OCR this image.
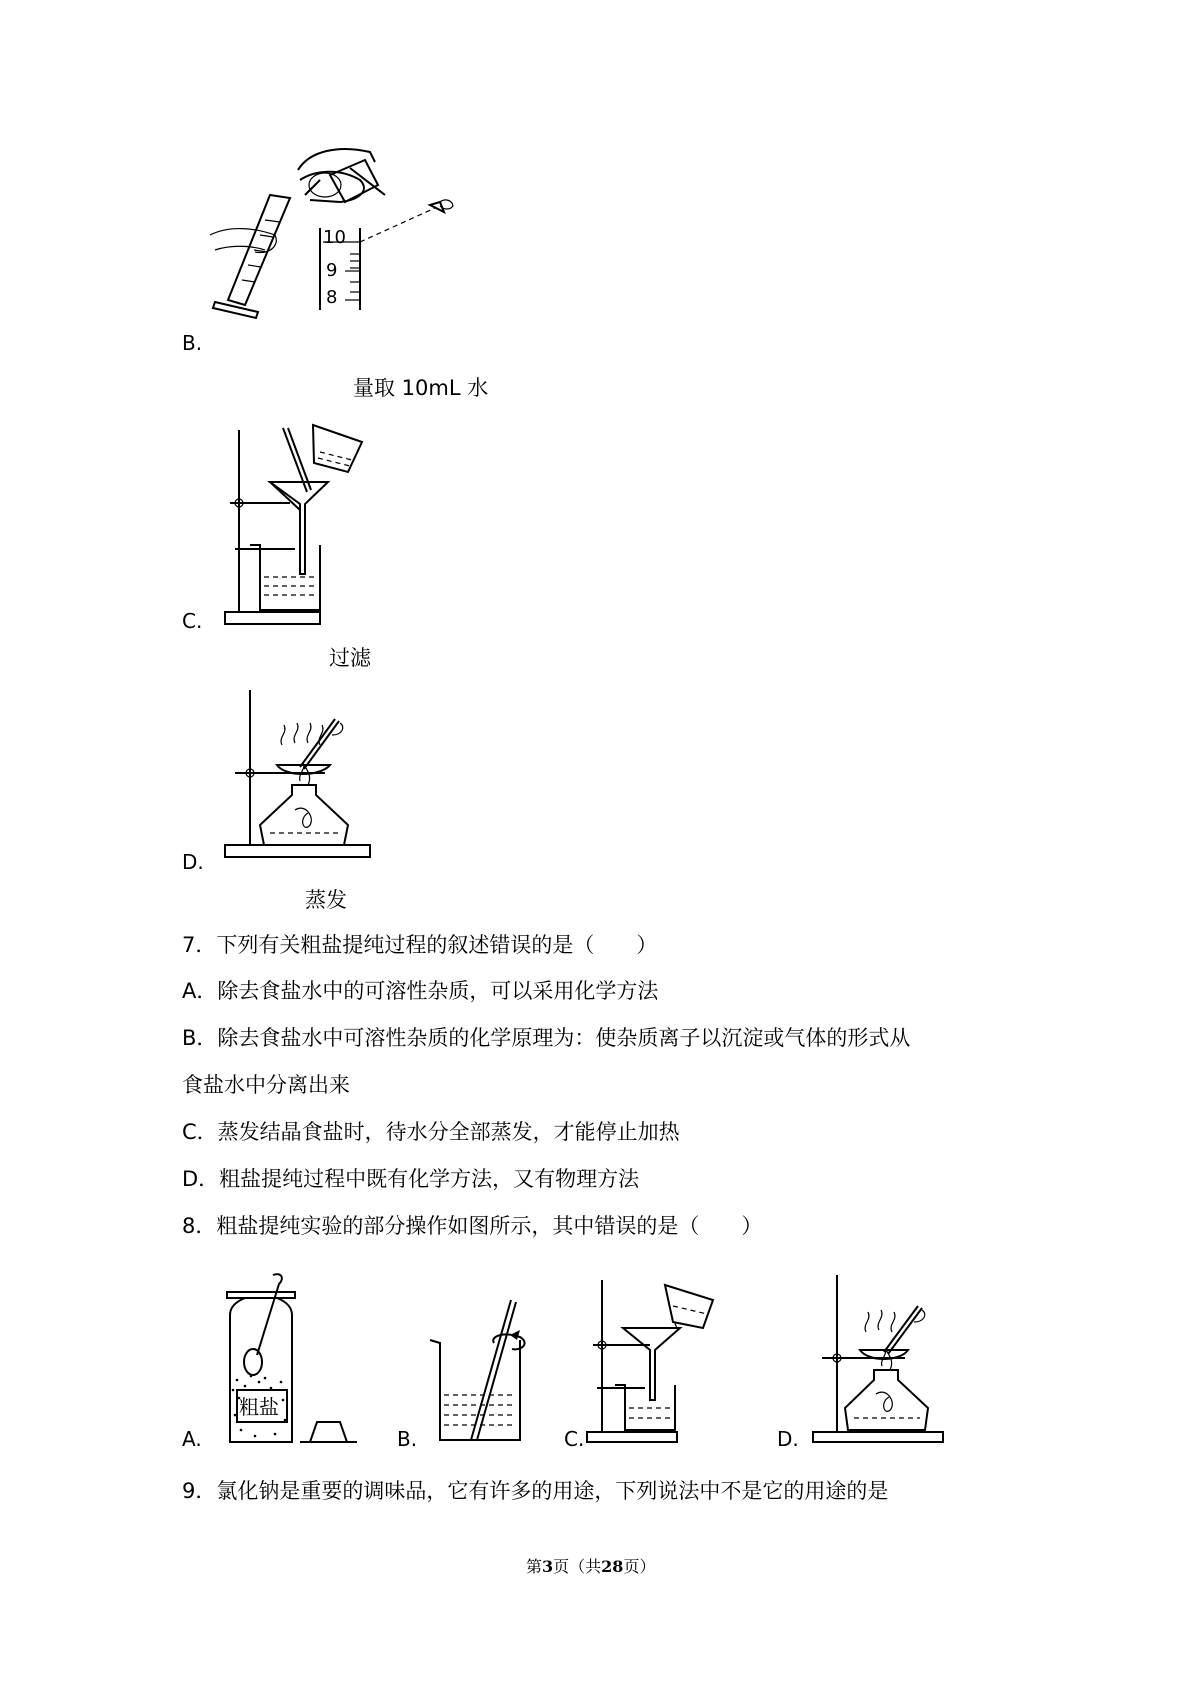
10
9
8
B.
量取 10mL 水
C.
过滤
D.
蒸发
7．下列有关粗盐提纯过程的叙述错误的是（　　）
A．除去食盐水中的可溶性杂质，可以采用化学方法
B．除去食盐水中可溶性杂质的化学原理为：使杂质离子以沉淀或气体的形式从
食盐水中分离出来
C．蒸发结晶食盐时，待水分全部蒸发，才能停止加热
D．粗盐提纯过程中既有化学方法，又有物理方法
8．粗盐提纯实验的部分操作如图所示，其中错误的是（　　）
粗盐
A.	B.	C.	D.
9．氯化钠是重要的调味品，它有许多的用途，下列说法中不是它的用途的是
第3页（共28页）
